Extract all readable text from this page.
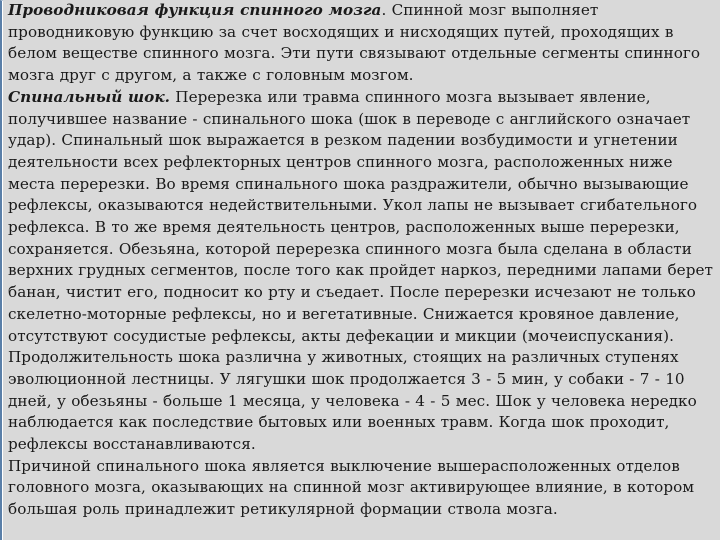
Проводниковая функция спинного мозга. Спинной мозг выполняет проводниковую функцию за счет восходящих и нисходящих путей, проходящих в белом веществе спинного мозга. Эти пути связывают отдельные сегменты спинного мозга друг с другом, а также с головным мозгом.

Спинальный шок. Перерезка или травма спинного мозга вызывает явление, получившее название - спинального шока (шок в переводе с английского означает удар). Спинальный шок выражается в резком падении возбудимости и угнетении деятельности всех рефлекторных центров спинного мозга, расположенных ниже места перерезки. Во время спинального шока раздражители, обычно вызывающие рефлексы, оказываются недействительными. Укол лапы не вызывает сгибательного рефлекса. В то же время деятельность центров, расположенных выше перерезки, сохраняется. Обезьяна, которой перерезка спинного мозга была сделана в области верхних грудных сегментов, после того как пройдет наркоз, передними лапами берет банан, чистит его, подносит ко рту и съедает. После перерезки исчезают не только скелетно-моторные рефлексы, но и вегетативные. Снижается кровяное давление, отсутствуют сосудистые рефлексы, акты дефекации и микции (мочеиспускания).

Продолжительность шока различна у животных, стоящих на различных ступенях эволюционной лестницы. У лягушки шок продолжается 3 - 5 мин, у собаки - 7 - 10 дней, у обезьяны - больше 1 месяца, у человека - 4 - 5 мес. Шок у человека нередко наблюдается как последствие бытовых или военных травм. Когда шок проходит, рефлексы восстанавливаются.

Причиной спинального шока является выключение вышерасположенных отделов головного мозга, оказывающих на спинной мозг активирующее влияние, в котором большая роль принадлежит ретикулярной формации ствола мозга.
